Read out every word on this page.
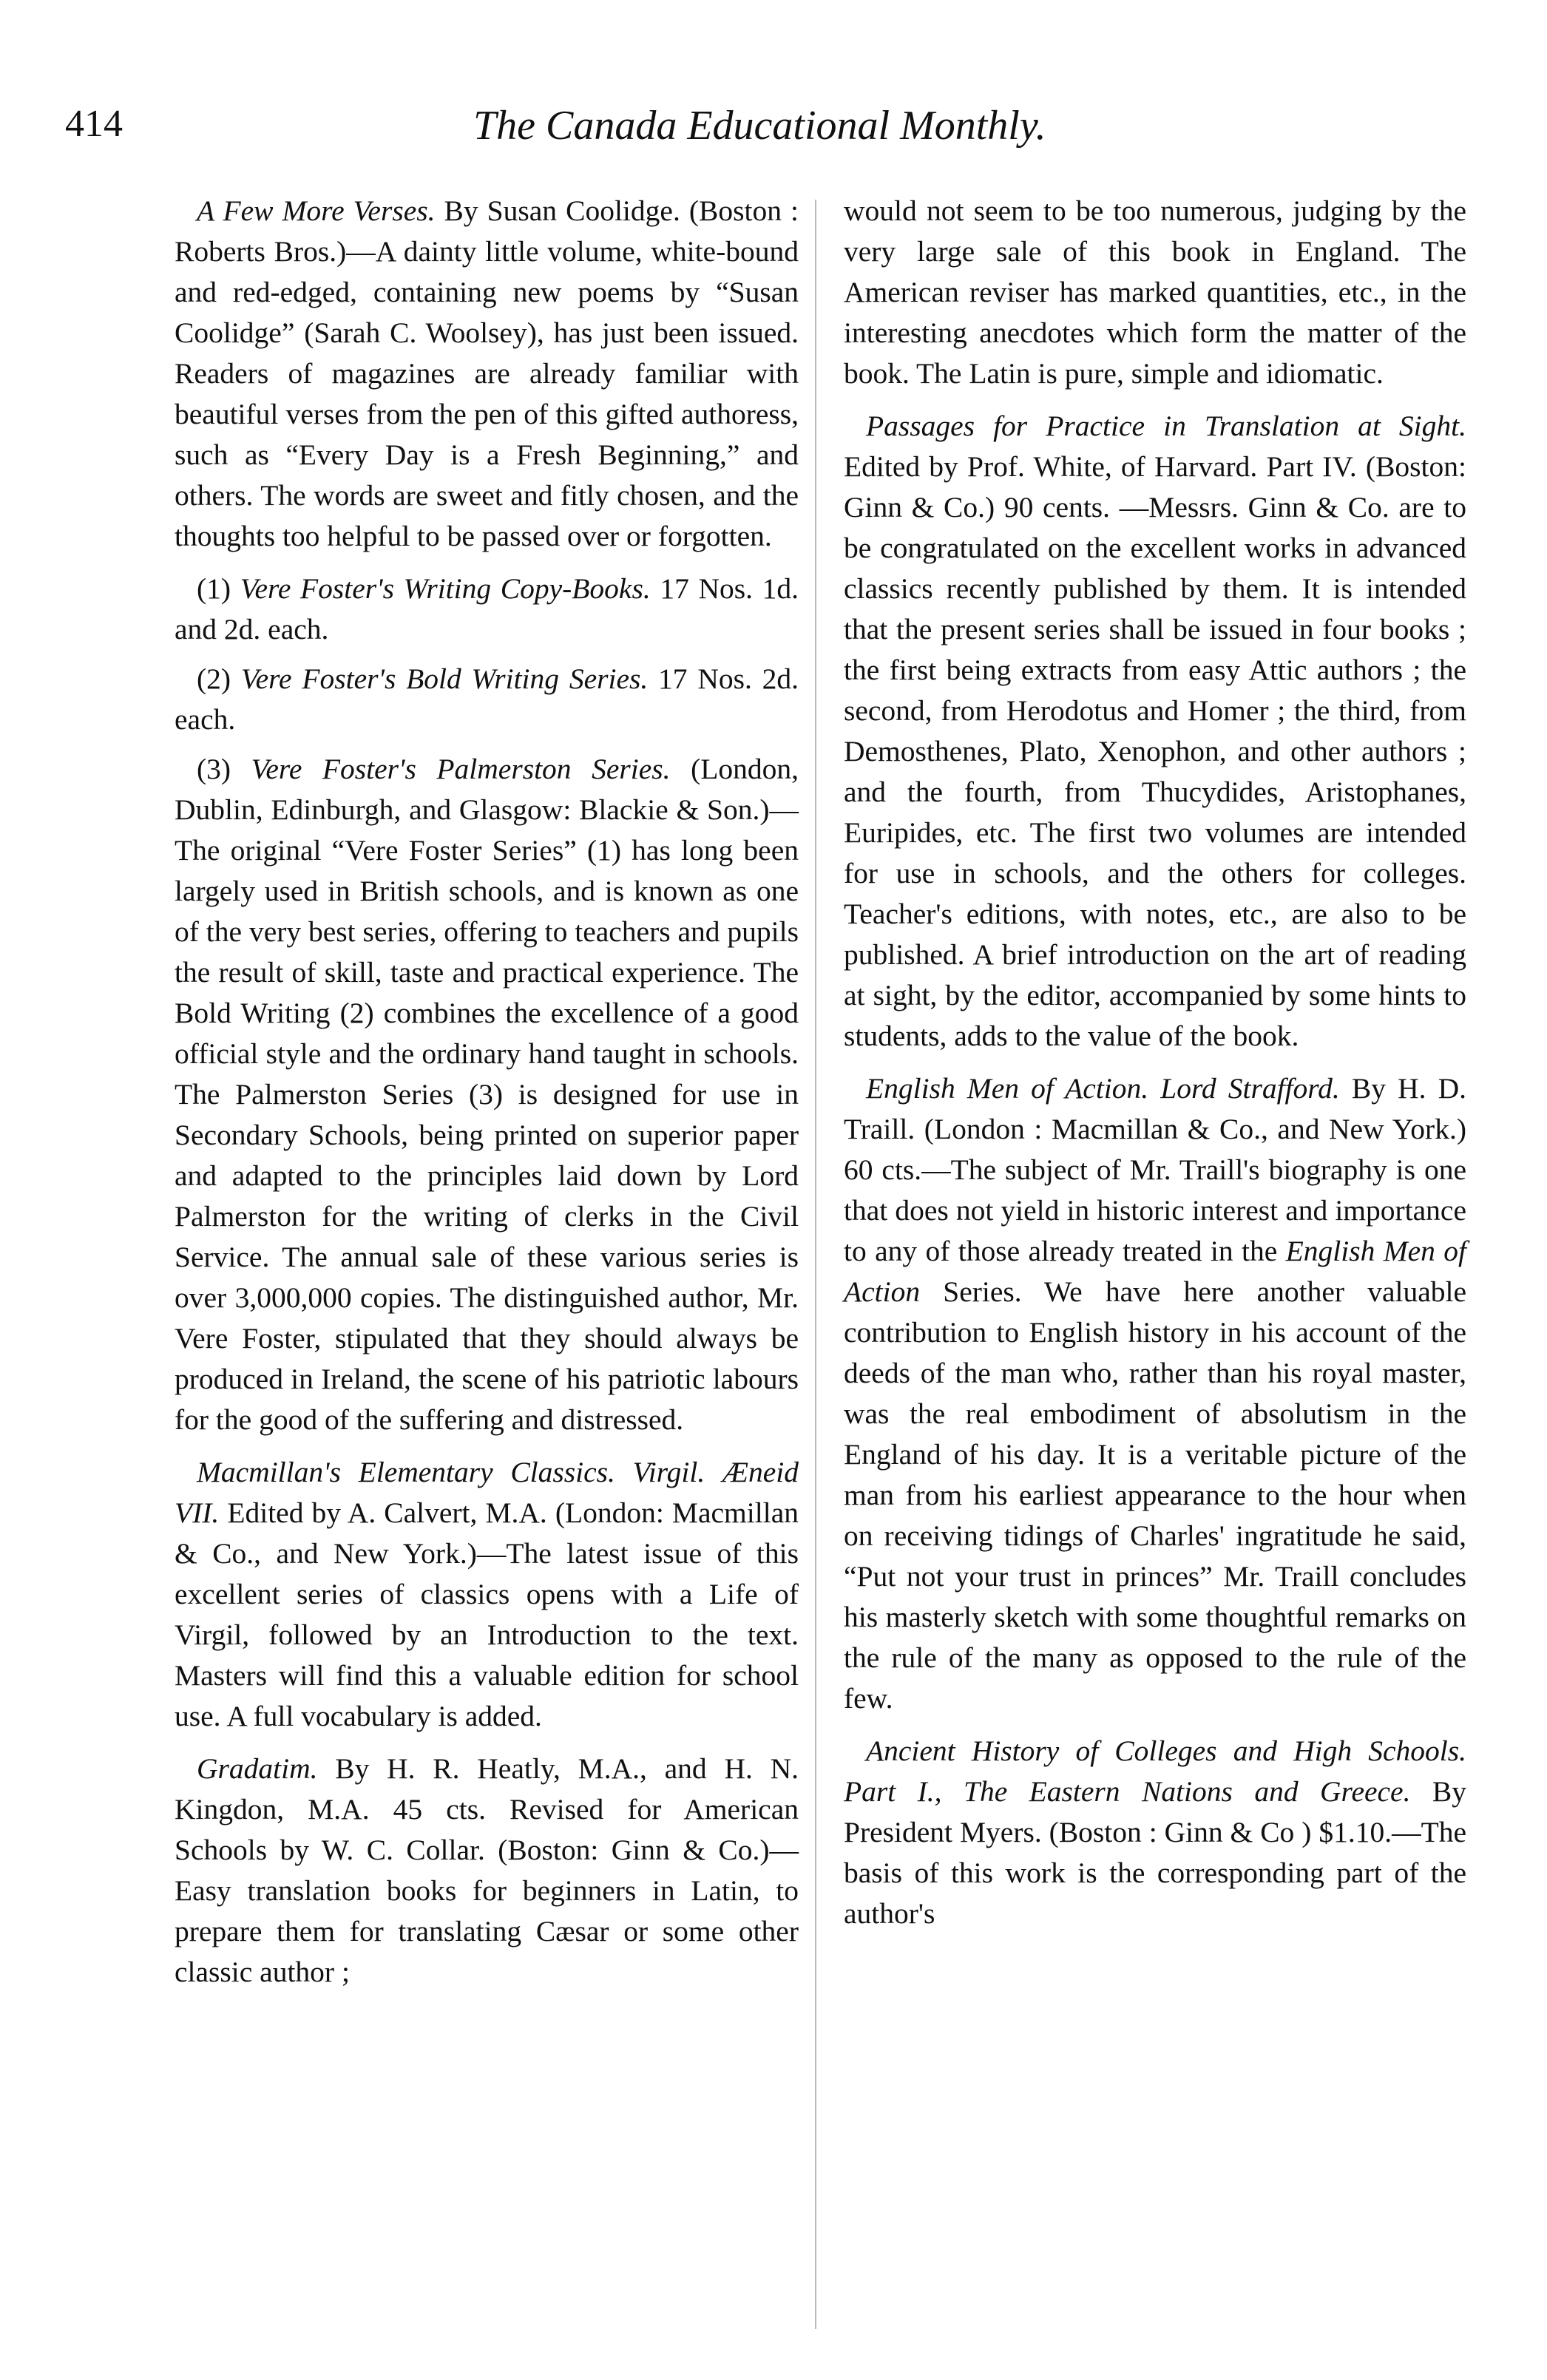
414	The Canada Educational Monthly.

A Few More Verses. By Susan Coolidge. (Boston : Roberts Bros.)—A dainty little volume, white-bound and red-edged, containing new poems by “Susan Coolidge” (Sarah C. Woolsey), has just been issued. Readers of magazines are already familiar with beautiful verses from the pen of this gifted authoress, such as “Every Day is a Fresh Beginning,” and others. The words are sweet and fitly chosen, and the thoughts too helpful to be passed over or forgotten.

(1) Vere Foster's Writing Copy-Books. 17 Nos. 1d. and 2d. each.

(2) Vere Foster's Bold Writing Series. 17 Nos. 2d. each.

(3) Vere Foster's Palmerston Series. (London, Dublin, Edinburgh, and Glasgow: Blackie & Son.)—The original “Vere Foster Series” (1) has long been largely used in British schools, and is known as one of the very best series, offering to teachers and pupils the result of skill, taste and practical experience. The Bold Writing (2) combines the excellence of a good official style and the ordinary hand taught in schools. The Palmerston Series (3) is designed for use in Secondary Schools, being printed on superior paper and adapted to the principles laid down by Lord Palmerston for the writing of clerks in the Civil Service. The annual sale of these various series is over 3,000,000 copies. The distinguished author, Mr. Vere Foster, stipulated that they should always be produced in Ireland, the scene of his patriotic labours for the good of the suffering and distressed.

Macmillan's Elementary Classics. Virgil. Æneid VII. Edited by A. Calvert, M.A. (London: Macmillan & Co., and New York.)—The latest issue of this excellent series of classics opens with a Life of Virgil, followed by an Introduction to the text. Masters will find this a valuable edition for school use. A full vocabulary is added.

Gradatim. By H. R. Heatly, M.A., and H. N. Kingdon, M.A. 45 cts. Revised for American Schools by W. C. Collar. (Boston: Ginn & Co.)—Easy translation books for beginners in Latin, to prepare them for translating Cæsar or some other classic author ;

would not seem to be too numerous, judging by the very large sale of this book in England. The American reviser has marked quantities, etc., in the interesting anecdotes which form the matter of the book. The Latin is pure, simple and idiomatic.

Passages for Practice in Translation at Sight. Edited by Prof. White, of Harvard. Part IV. (Boston: Ginn & Co.) 90 cents. —Messrs. Ginn & Co. are to be congratulated on the excellent works in advanced classics recently published by them. It is intended that the present series shall be issued in four books ; the first being extracts from easy Attic authors ; the second, from Herodotus and Homer ; the third, from Demosthenes, Plato, Xenophon, and other authors ; and the fourth, from Thucydides, Aristophanes, Euripides, etc. The first two volumes are intended for use in schools, and the others for colleges. Teacher's editions, with notes, etc., are also to be published. A brief introduction on the art of reading at sight, by the editor, accompanied by some hints to students, adds to the value of the book.

English Men of Action. Lord Strafford. By H. D. Traill. (London : Macmillan & Co., and New York.) 60 cts.—The subject of Mr. Traill's biography is one that does not yield in historic interest and importance to any of those already treated in the English Men of Action Series. We have here another valuable contribution to English history in his account of the deeds of the man who, rather than his royal master, was the real embodiment of absolutism in the England of his day. It is a veritable picture of the man from his earliest appearance to the hour when on receiving tidings of Charles' ingratitude he said, “Put not your trust in princes” Mr. Traill concludes his masterly sketch with some thoughtful remarks on the rule of the many as opposed to the rule of the few.

Ancient History of Colleges and High Schools. Part I., The Eastern Nations and Greece. By President Myers. (Boston : Ginn & Co ) $1.10.—The basis of this work is the corresponding part of the author's
